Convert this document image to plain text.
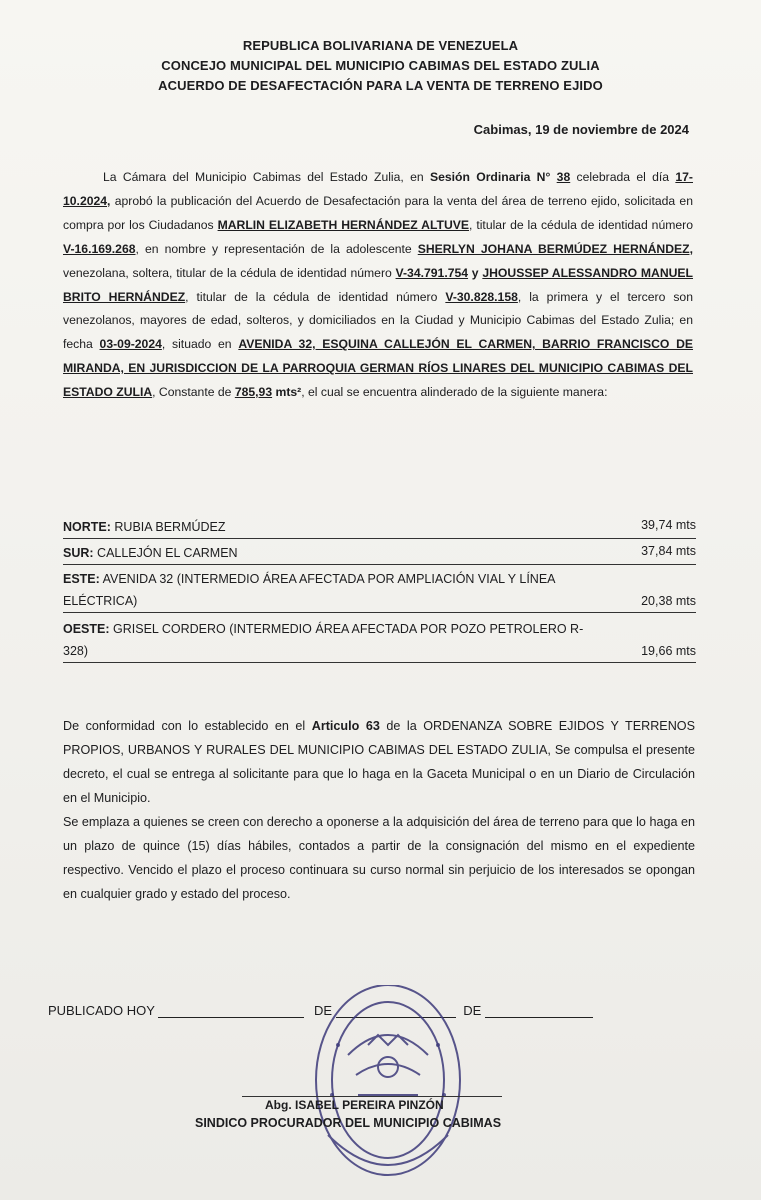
REPUBLICA BOLIVARIANA DE VENEZUELA
CONCEJO MUNICIPAL DEL MUNICIPIO CABIMAS DEL ESTADO ZULIA
ACUERDO DE DESAFECTACIÓN PARA LA VENTA DE TERRENO EJIDO
Cabimas, 19 de noviembre de 2024

La Cámara del Municipio Cabimas del Estado Zulia, en Sesión Ordinaria N° 38 celebrada el día 17-10.2024, aprobó la publicación del Acuerdo de Desafectación para la venta del área de terreno ejido, solicitada en compra por los Ciudadanos MARLIN ELIZABETH HERNÁNDEZ ALTUVE, titular de la cédula de identidad número V-16.169.268, en nombre y representación de la adolescente SHERLYN JOHANA BERMÚDEZ HERNÁNDEZ, venezolana, soltera, titular de la cédula de identidad número V-34.791.754 y JHOUSSEP ALESSANDRO MANUEL BRITO HERNÁNDEZ, titular de la cédula de identidad número V-30.828.158, la primera y el tercero son venezolanos, mayores de edad, solteros, y domiciliados en la Ciudad y Municipio Cabimas del Estado Zulia; en fecha 03-09-2024, situado en AVENIDA 32, ESQUINA CALLEJÓN EL CARMEN, BARRIO FRANCISCO DE MIRANDA, EN JURISDICCION DE LA PARROQUIA GERMAN RÍOS LINARES DEL MUNICIPIO CABIMAS DEL ESTADO ZULIA, Constante de 785,93 mts², el cual se encuentra alinderado de la siguiente manera:

NORTE: RUBIA BERMÚDEZ	39,74 mts
SUR: CALLEJÓN EL CARMEN	37,84 mts
ESTE: AVENIDA 32 (INTERMEDIO ÁREA AFECTADA POR AMPLIACIÓN VIAL Y LÍNEA
ELÉCTRICA)	20,38 mts
OESTE: GRISEL CORDERO (INTERMEDIO ÁREA AFECTADA POR POZO PETROLERO R-
328)	19,66 mts

De conformidad con lo establecido en el Articulo 63 de la ORDENANZA SOBRE EJIDOS Y TERRENOS PROPIOS, URBANOS Y RURALES DEL MUNICIPIO CABIMAS DEL ESTADO ZULIA, Se compulsa el presente decreto, el cual se entrega al solicitante para que lo haga en la Gaceta Municipal o en un Diario de Circulación en el Municipio.

Se emplaza a quienes se creen con derecho a oponerse a la adquisición del área de terreno para que lo haga en un plazo de quince (15) días hábiles, contados a partir de la consignación del mismo en el expediente respectivo. Vencido el plazo el proceso continuara su curso normal sin perjuicio de los interesados se opongan en cualquier grado y estado del proceso.

PUBLICADO HOY	DE	DE
Abg. ISABEL PEREIRA PINZÓN
SINDICO PROCURADOR DEL MUNICIPIO CABIMAS
